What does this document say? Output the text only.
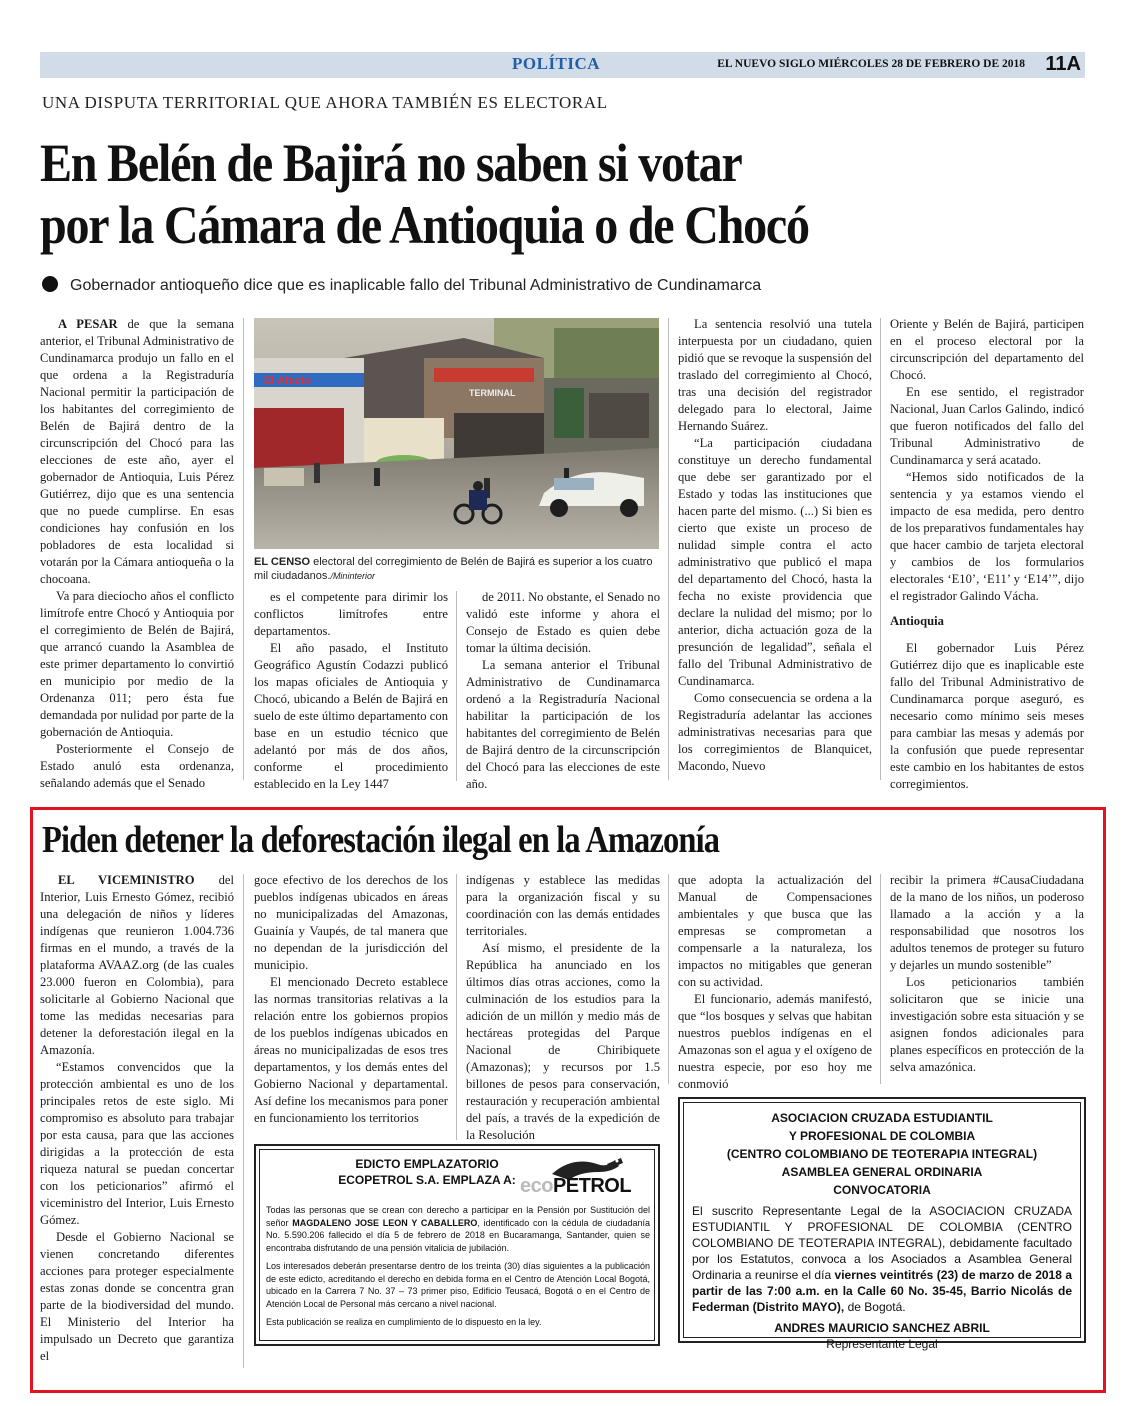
POLÍTICA	EL NUEVO SIGLO MIÉRCOLES 28 DE FEBRERO DE 2018 11A
UNA DISPUTA TERRITORIAL QUE AHORA TAMBIÉN ES ELECTORAL
En Belén de Bajirá no saben si votar
por la Cámara de Antioquia o de Chocó
Gobernador antioqueño dice que es inaplicable fallo del Tribunal Administrativo de Cundinamarca

A PESAR de que la semana anterior, el Tribunal Administrativo de Cundinamarca produjo un fallo en el que ordena a la Registraduría Nacional permitir la participación de los habitantes del corregimiento de Belén de Bajirá dentro de la circunscripción del Chocó para las elecciones de este año, ayer el gobernador de Antioquia, Luis Pérez Gutiérrez, dijo que es una sentencia que no puede cumplirse. En esas condiciones hay confusión en los pobladores de esta localidad si votarán por la Cámara antioqueña o la chocoana.

Va para dieciocho años el conflicto limítrofe entre Chocó y Antioquia por el corregimiento de Belén de Bajirá, que arrancó cuando la Asamblea de este primer departamento lo convirtió en municipio por medio de la Ordenanza 011; pero ésta fue demandada por nulidad por parte de la gobernación de Antioquia.

Posteriormente el Consejo de Estado anuló esta ordenanza, señalando además que el Senado

El Afecto
TERMINAL
EL CENSO electoral del corregimiento de Belén de Bajirá es superior a los cuatro mil ciudadanos./Mininterior

es el competente para dirimir los conflictos limítrofes entre departamentos.

El año pasado, el Instituto Geográfico Agustín Codazzi publicó los mapas oficiales de Antioquia y Chocó, ubicando a Belén de Bajirá en suelo de este último departamento con base en un estudio técnico que adelantó por más de dos años, conforme el procedimiento establecido en la Ley 1447

de 2011. No obstante, el Senado no validó este informe y ahora el Consejo de Estado es quien debe tomar la última decisión.

La semana anterior el Tribunal Administrativo de Cundinamarca ordenó a la Registraduría Nacional habilitar la participación de los habitantes del corregimiento de Belén de Bajirá dentro de la circunscripción del Chocó para las elecciones de este año.

La sentencia resolvió una tutela interpuesta por un ciudadano, quien pidió que se revoque la suspensión del traslado del corregimiento al Chocó, tras una decisión del registrador delegado para lo electoral, Jaime Hernando Suárez.

“La participación ciudadana constituye un derecho fundamental que debe ser garantizado por el Estado y todas las instituciones que hacen parte del mismo. (...) Si bien es cierto que existe un proceso de nulidad simple contra el acto administrativo que publicó el mapa del departamento del Chocó, hasta la fecha no existe providencia que declare la nulidad del mismo; por lo anterior, dicha actuación goza de la presunción de legalidad”, señala el fallo del Tribunal Administrativo de Cundinamarca.

Como consecuencia se ordena a la Registraduría adelantar las acciones administrativas necesarias para que los corregimientos de Blanquicet, Macondo, Nuevo

Oriente y Belén de Bajirá, participen en el proceso electoral por la circunscripción del departamento del Chocó.

En ese sentido, el registrador Nacional, Juan Carlos Galindo, indicó que fueron notificados del fallo del Tribunal Administrativo de Cundinamarca y será acatado.

“Hemos sido notificados de la sentencia y ya estamos viendo el impacto de esa medida, pero dentro de los preparativos fundamentales hay que hacer cambio de tarjeta electoral y cambios de los formularios electorales ‘E10’, ‘E11’ y ‘E14’”, dijo el registrador Galindo Vácha.

Antioquia

El gobernador Luis Pérez Gutiérrez dijo que es inaplicable este fallo del Tribunal Administrativo de Cundinamarca porque aseguró, es necesario como mínimo seis meses para cambiar las mesas y además por la confusión que puede representar este cambio en los habitantes de estos corregimientos.

Piden detener la deforestación ilegal en la Amazonía

EL VICEMINISTRO del Interior, Luis Ernesto Gómez, recibió una delegación de niños y líderes indígenas que reunieron 1.004.736 firmas en el mundo, a través de la plataforma AVAAZ.org (de las cuales 23.000 fueron en Colombia), para solicitarle al Gobierno Nacional que tome las medidas necesarias para detener la deforestación ilegal en la Amazonía.

“Estamos convencidos que la protección ambiental es uno de los principales retos de este siglo. Mi compromiso es absoluto para trabajar por esta causa, para que las acciones dirigidas a la protección de esta riqueza natural se puedan concertar con los peticionarios” afirmó el viceministro del Interior, Luis Ernesto Gómez.

Desde el Gobierno Nacional se vienen concretando diferentes acciones para proteger especialmente estas zonas donde se concentra gran parte de la biodiversidad del mundo. El Ministerio del Interior ha impulsado un Decreto que garantiza el

goce efectivo de los derechos de los pueblos indígenas ubicados en áreas no municipalizadas del Amazonas, Guainía y Vaupés, de tal manera que no dependan de la jurisdicción del municipio.

El mencionado Decreto establece las normas transitorias relativas a la relación entre los gobiernos propios de los pueblos indígenas ubicados en áreas no municipalizadas de esos tres departamentos, y los demás entes del Gobierno Nacional y departamental. Así define los mecanismos para poner en funcionamiento los territorios

indígenas y establece las medidas para la organización fiscal y su coordinación con las demás entidades territoriales.

Así mismo, el presidente de la República ha anunciado en los últimos días otras acciones, como la culminación de los estudios para la adición de un millón y medio más de hectáreas protegidas del Parque Nacional de Chiribiquete (Amazonas); y recursos por 1.5 billones de pesos para conservación, restauración y recuperación ambiental del país, a través de la expedición de la Resolución

que adopta la actualización del Manual de Compensaciones ambientales y que busca que las empresas se comprometan a compensarle a la naturaleza, los impactos no mitigables que generan con su actividad.

El funcionario, además manifestó, que “los bosques y selvas que habitan nuestros pueblos indígenas en el Amazonas son el agua y el oxígeno de nuestra especie, por eso hoy me conmovió

recibir la primera #CausaCiudadana de la mano de los niños, un poderoso llamado a la acción y a la responsabilidad que nosotros los adultos tenemos de proteger su futuro y dejarles un mundo sostenible”

Los peticionarios también solicitaron que se inicie una investigación sobre esta situación y se asignen fondos adicionales para planes específicos en protección de la selva amazónica.

EDICTO EMPLAZATORIO
ECOPETROL S.A. EMPLAZA A: ecoPETROL

Todas las personas que se crean con derecho a participar en la Pensión por Sustitución del señor MAGDALENO JOSE LEON Y CABALLERO, identificado con la cédula de ciudadanía No. 5.590.206 fallecido el día 5 de febrero de 2018 en Bucaramanga, Santander, quien se encontraba disfrutando de una pensión vitalicia de jubilación.

Los interesados deberán presentarse dentro de los treinta (30) días siguientes a la publicación de este edicto, acreditando el derecho en debida forma en el Centro de Atención Local Bogotá, ubicado en la Carrera 7 No. 37 – 73 primer piso, Edificio Teusacá, Bogotá o en el Centro de Atención Local de Personal más cercano a nivel nacional.

Esta publicación se realiza en cumplimiento de lo dispuesto en la ley.

ASOCIACION CRUZADA ESTUDIANTIL

Y PROFESIONAL DE COLOMBIA

(CENTRO COLOMBIANO DE TEOTERAPIA INTEGRAL)

ASAMBLEA GENERAL ORDINARIA

CONVOCATORIA

El suscrito Representante Legal de la ASOCIACION CRUZADA ESTUDIANTIL Y PROFESIONAL DE COLOMBIA (CENTRO COLOMBIANO DE TEOTERAPIA INTEGRAL), debidamente facultado por los Estatutos, convoca a los Asociados a Asamblea General Ordinaria a reunirse el día viernes veintitrés (23) de marzo de 2018 a partir de las 7:00 a.m. en la Calle 60 No. 35-45, Barrio Nicolás de Federman (Distrito MAYO), de Bogotá.

ANDRES MAURICIO SANCHEZ ABRIL

Representante Legal
